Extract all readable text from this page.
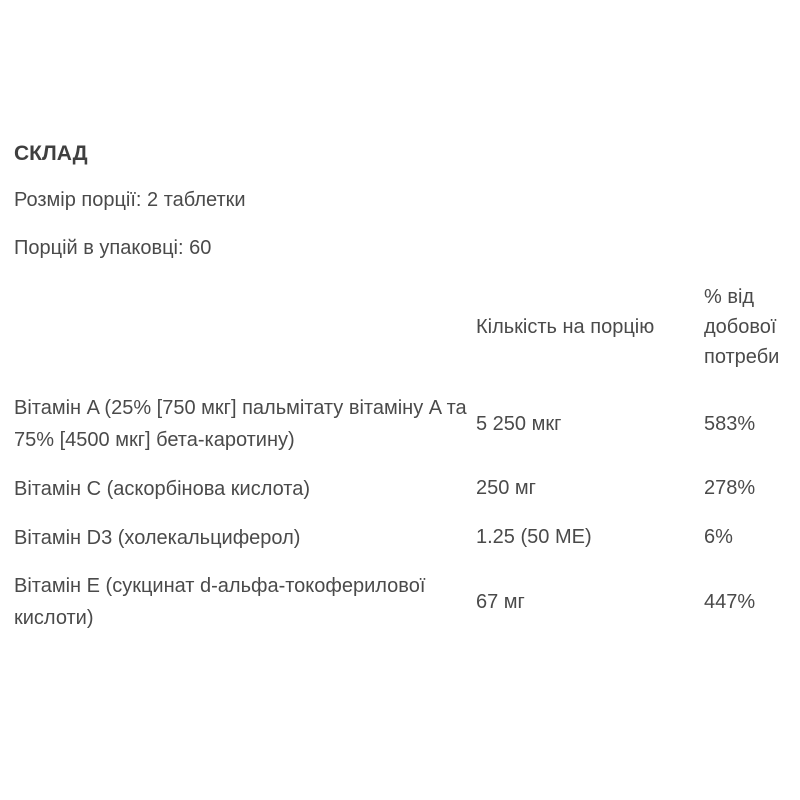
СКЛАД

Розмір порції: 2 таблетки

Порцій в упаковці: 60

	Кількість на порцію	% від добової потреби
Вітамін A (25% [750 мкг] пальмітату вітаміну A та 75% [4500 мкг] бета-каротину)	5 250 мкг	583%
Вітамін C (аскорбінова кислота)	250 мг	278%
Вітамін D3 (холекальциферол)	1.25 (50 МЕ)	6%
Вітамін E (сукцинат d-альфа-токоферилової кислоти)	67 мг	447%
